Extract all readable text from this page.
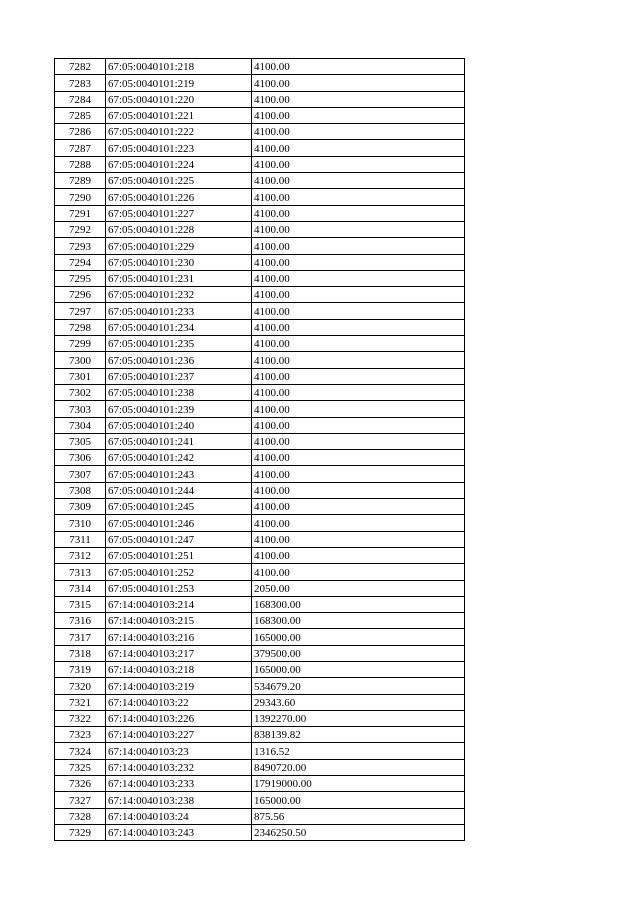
7282	67:05:0040101:218	4100.00
7283	67:05:0040101:219	4100.00
7284	67:05:0040101:220	4100.00
7285	67:05:0040101:221	4100.00
7286	67:05:0040101:222	4100.00
7287	67:05:0040101:223	4100.00
7288	67:05:0040101:224	4100.00
7289	67:05:0040101:225	4100.00
7290	67:05:0040101:226	4100.00
7291	67:05:0040101:227	4100.00
7292	67:05:0040101:228	4100.00
7293	67:05:0040101:229	4100.00
7294	67:05:0040101:230	4100.00
7295	67:05:0040101:231	4100.00
7296	67:05:0040101:232	4100.00
7297	67:05:0040101:233	4100.00
7298	67:05:0040101:234	4100.00
7299	67:05:0040101:235	4100.00
7300	67:05:0040101:236	4100.00
7301	67:05:0040101:237	4100.00
7302	67:05:0040101:238	4100.00
7303	67:05:0040101:239	4100.00
7304	67:05:0040101:240	4100.00
7305	67:05:0040101:241	4100.00
7306	67:05:0040101:242	4100.00
7307	67:05:0040101:243	4100.00
7308	67:05:0040101:244	4100.00
7309	67:05:0040101:245	4100.00
7310	67:05:0040101:246	4100.00
7311	67:05:0040101:247	4100.00
7312	67:05:0040101:251	4100.00
7313	67:05:0040101:252	4100.00
7314	67:05:0040101:253	2050.00
7315	67:14:0040103:214	168300.00
7316	67:14:0040103:215	168300.00
7317	67:14:0040103:216	165000.00
7318	67:14:0040103:217	379500.00
7319	67:14:0040103:218	165000.00
7320	67:14:0040103:219	534679.20
7321	67:14:0040103:22	29343.60
7322	67:14:0040103:226	1392270.00
7323	67:14:0040103:227	838139.82
7324	67:14:0040103:23	1316.52
7325	67:14:0040103:232	8490720.00
7326	67:14:0040103:233	17919000.00
7327	67:14:0040103:238	165000.00
7328	67:14:0040103:24	875.56
7329	67:14:0040103:243	2346250.50
